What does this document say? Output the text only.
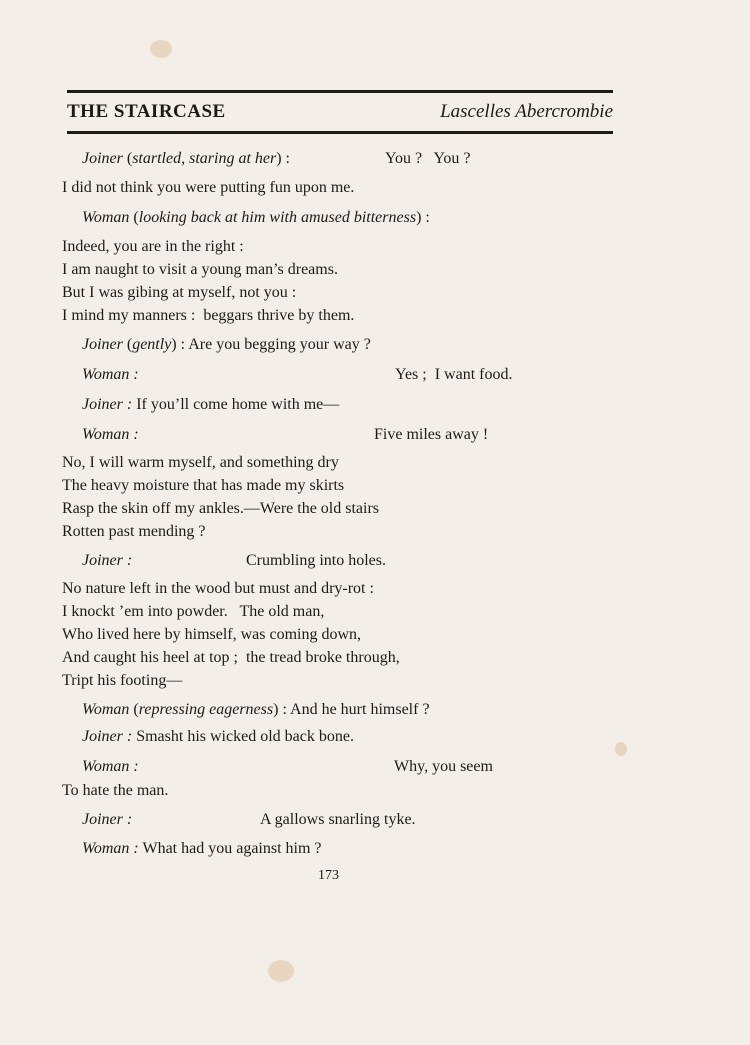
THE STAIRCASE	Lascelles Abercrombie
Joiner (startled, staring at her) :	You ?   You ?
I did not think you were putting fun upon me.
Woman (looking back at him with amused bitterness) :
Indeed, you are in the right :
I am naught to visit a young man’s dreams.
But I was gibing at myself, not you :
I mind my manners :  beggars thrive by them.
Joiner (gently) : Are you begging your way ?
Woman :	Yes ;  I want food.
Joiner : If you’ll come home with me—
Woman :	Five miles away !
No, I will warm myself, and something dry
The heavy moisture that has made my skirts
Rasp the skin off my ankles.—Were the old stairs
Rotten past mending ?
Joiner :	Crumbling into holes.
No nature left in the wood but must and dry-rot :
I knockt ’em into powder.   The old man,
Who lived here by himself, was coming down,
And caught his heel at top ;  the tread broke through,
Tript his footing—
Woman (repressing eagerness) : And he hurt himself ?
Joiner : Smasht his wicked old back bone.
Woman :	Why, you seem
To hate the man.
Joiner :	A gallows snarling tyke.
Woman : What had you against him ?
173
